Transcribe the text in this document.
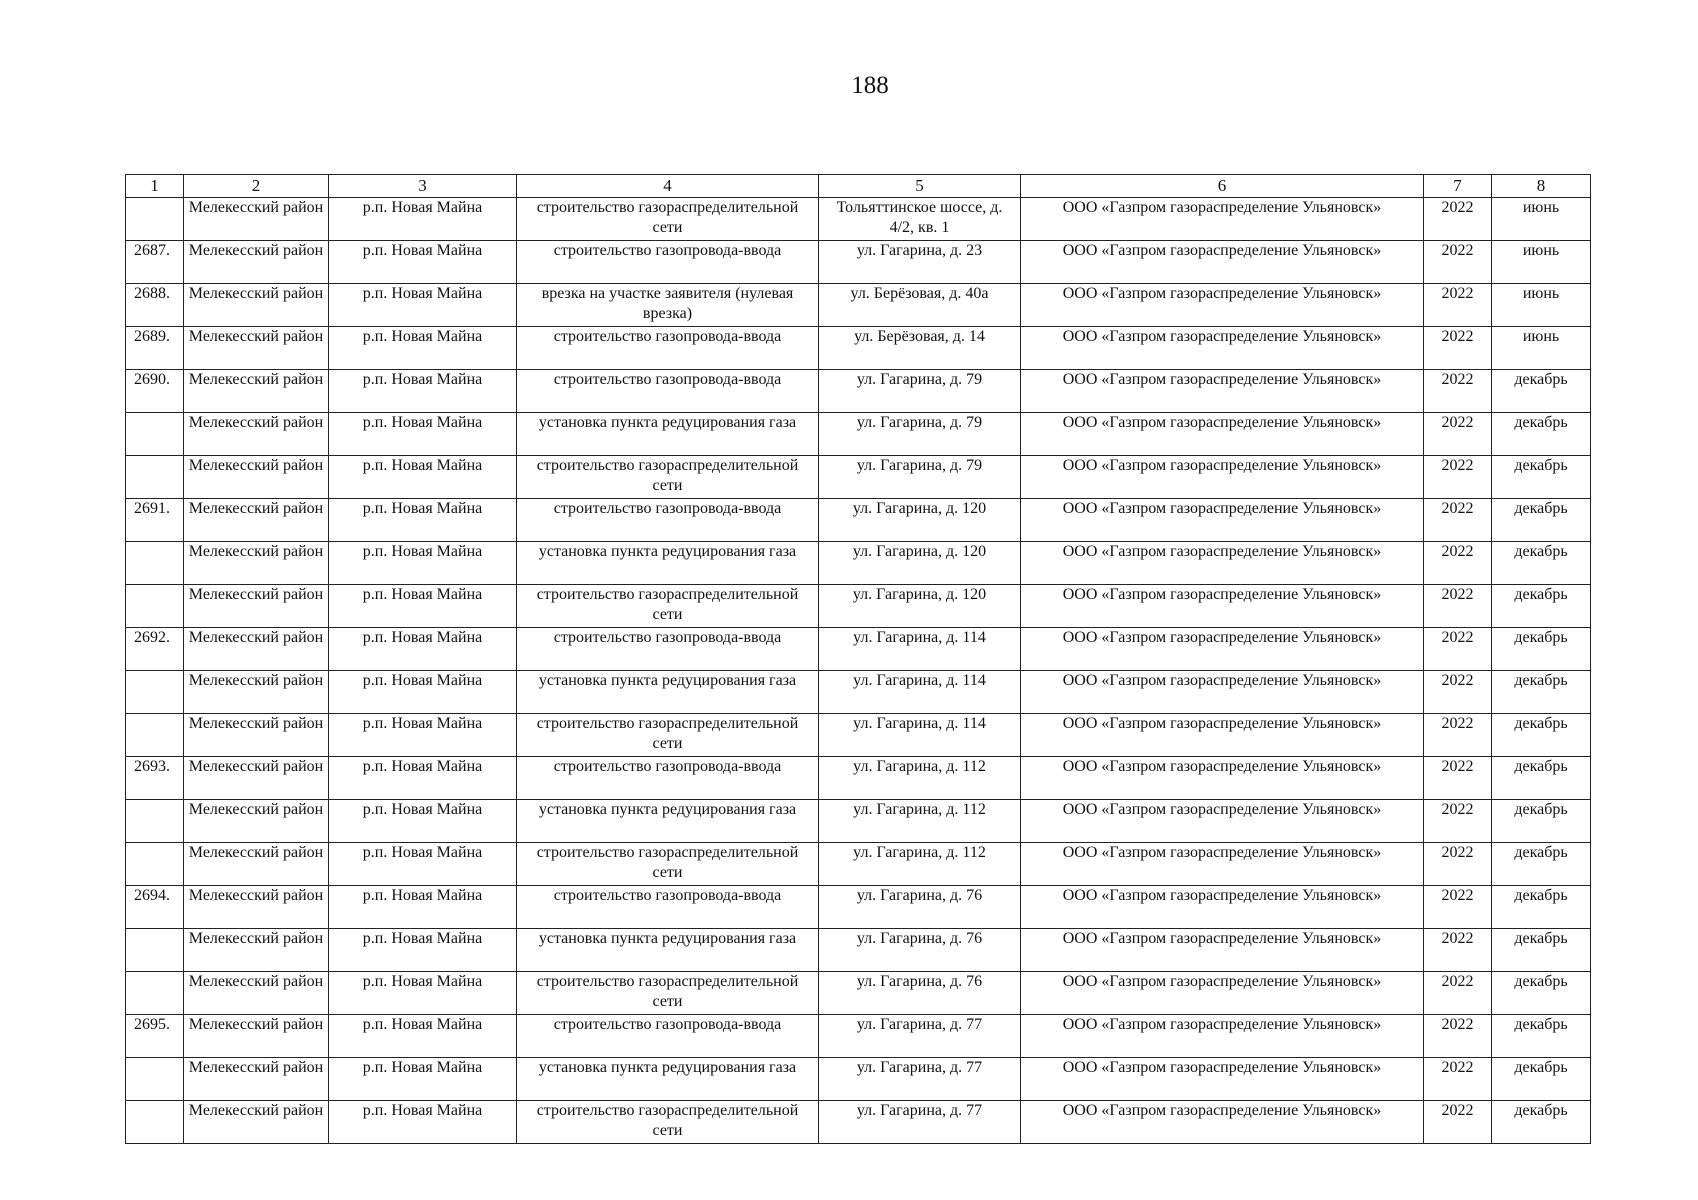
188
1	2	3	4	5	6	7	8
	Мелекесский район	р.п. Новая Майна	строительство газораспределительной сети	Тольяттинское шоссе, д. 4/2, кв. 1	ООО «Газпром газораспределение Ульяновск»	2022	июнь
2687.	Мелекесский район	р.п. Новая Майна	строительство газопровода-ввода	ул. Гагарина, д. 23	ООО «Газпром газораспределение Ульяновск»	2022	июнь
2688.	Мелекесский район	р.п. Новая Майна	врезка на участке заявителя (нулевая врезка)	ул. Берёзовая, д. 40а	ООО «Газпром газораспределение Ульяновск»	2022	июнь
2689.	Мелекесский район	р.п. Новая Майна	строительство газопровода-ввода	ул. Берёзовая, д. 14	ООО «Газпром газораспределение Ульяновск»	2022	июнь
2690.	Мелекесский район	р.п. Новая Майна	строительство газопровода-ввода	ул. Гагарина, д. 79	ООО «Газпром газораспределение Ульяновск»	2022	декабрь
	Мелекесский район	р.п. Новая Майна	установка пункта редуцирования газа	ул. Гагарина, д. 79	ООО «Газпром газораспределение Ульяновск»	2022	декабрь
	Мелекесский район	р.п. Новая Майна	строительство газораспределительной сети	ул. Гагарина, д. 79	ООО «Газпром газораспределение Ульяновск»	2022	декабрь
2691.	Мелекесский район	р.п. Новая Майна	строительство газопровода-ввода	ул. Гагарина, д. 120	ООО «Газпром газораспределение Ульяновск»	2022	декабрь
	Мелекесский район	р.п. Новая Майна	установка пункта редуцирования газа	ул. Гагарина, д. 120	ООО «Газпром газораспределение Ульяновск»	2022	декабрь
	Мелекесский район	р.п. Новая Майна	строительство газораспределительной сети	ул. Гагарина, д. 120	ООО «Газпром газораспределение Ульяновск»	2022	декабрь
2692.	Мелекесский район	р.п. Новая Майна	строительство газопровода-ввода	ул. Гагарина, д. 114	ООО «Газпром газораспределение Ульяновск»	2022	декабрь
	Мелекесский район	р.п. Новая Майна	установка пункта редуцирования газа	ул. Гагарина, д. 114	ООО «Газпром газораспределение Ульяновск»	2022	декабрь
	Мелекесский район	р.п. Новая Майна	строительство газораспределительной сети	ул. Гагарина, д. 114	ООО «Газпром газораспределение Ульяновск»	2022	декабрь
2693.	Мелекесский район	р.п. Новая Майна	строительство газопровода-ввода	ул. Гагарина, д. 112	ООО «Газпром газораспределение Ульяновск»	2022	декабрь
	Мелекесский район	р.п. Новая Майна	установка пункта редуцирования газа	ул. Гагарина, д. 112	ООО «Газпром газораспределение Ульяновск»	2022	декабрь
	Мелекесский район	р.п. Новая Майна	строительство газораспределительной сети	ул. Гагарина, д. 112	ООО «Газпром газораспределение Ульяновск»	2022	декабрь
2694.	Мелекесский район	р.п. Новая Майна	строительство газопровода-ввода	ул. Гагарина, д. 76	ООО «Газпром газораспределение Ульяновск»	2022	декабрь
	Мелекесский район	р.п. Новая Майна	установка пункта редуцирования газа	ул. Гагарина, д. 76	ООО «Газпром газораспределение Ульяновск»	2022	декабрь
	Мелекесский район	р.п. Новая Майна	строительство газораспределительной сети	ул. Гагарина, д. 76	ООО «Газпром газораспределение Ульяновск»	2022	декабрь
2695.	Мелекесский район	р.п. Новая Майна	строительство газопровода-ввода	ул. Гагарина, д. 77	ООО «Газпром газораспределение Ульяновск»	2022	декабрь
	Мелекесский район	р.п. Новая Майна	установка пункта редуцирования газа	ул. Гагарина, д. 77	ООО «Газпром газораспределение Ульяновск»	2022	декабрь
	Мелекесский район	р.п. Новая Майна	строительство газораспределительной сети	ул. Гагарина, д. 77	ООО «Газпром газораспределение Ульяновск»	2022	декабрь
